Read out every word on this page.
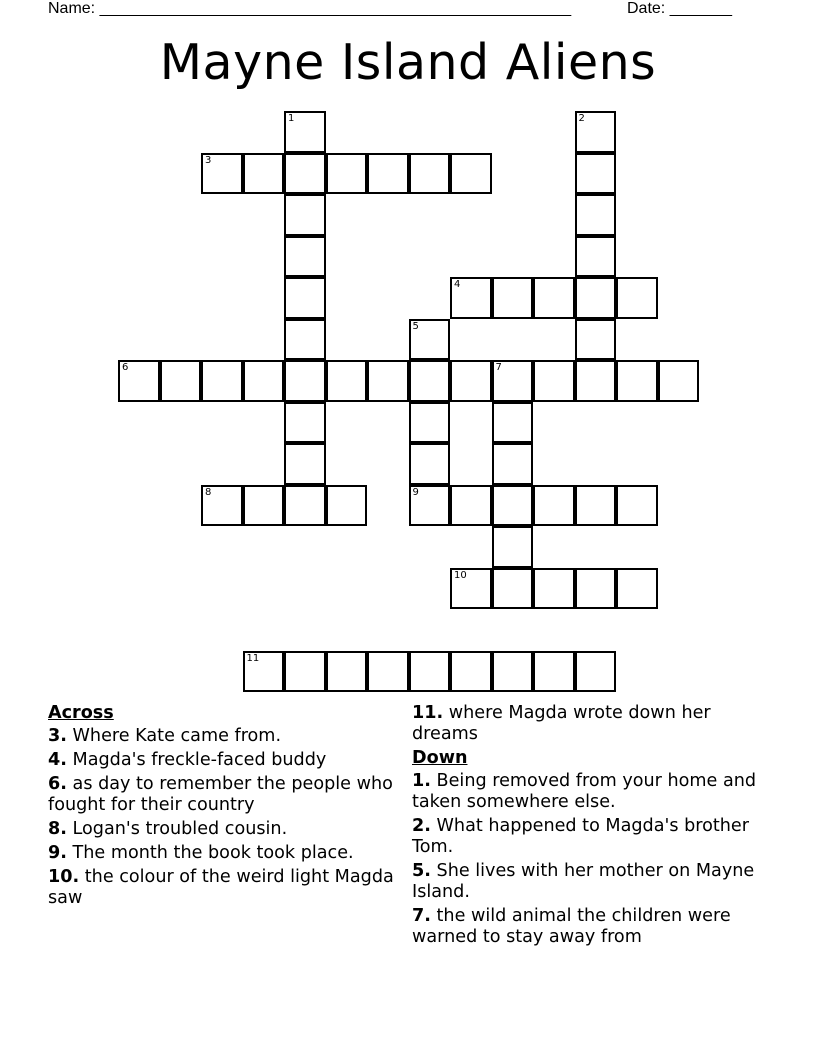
Name: _____________________________________________________	Date: _______
Mayne Island Aliens
1	2
3
4
5
6	7
8	9
10
11
Across
3. Where Kate came from.
4. Magda's freckle-faced buddy
6. as day to remember the people who fought for their country
8. Logan's troubled cousin.
9. The month the book took place.
10. the colour of the weird light Magda saw
11. where Magda wrote down her dreams
Down
1. Being removed from your home and taken somewhere else.
2. What happened to Magda's brother Tom.
5. She lives with her mother on Mayne Island.
7. the wild animal the children were warned to stay away from
